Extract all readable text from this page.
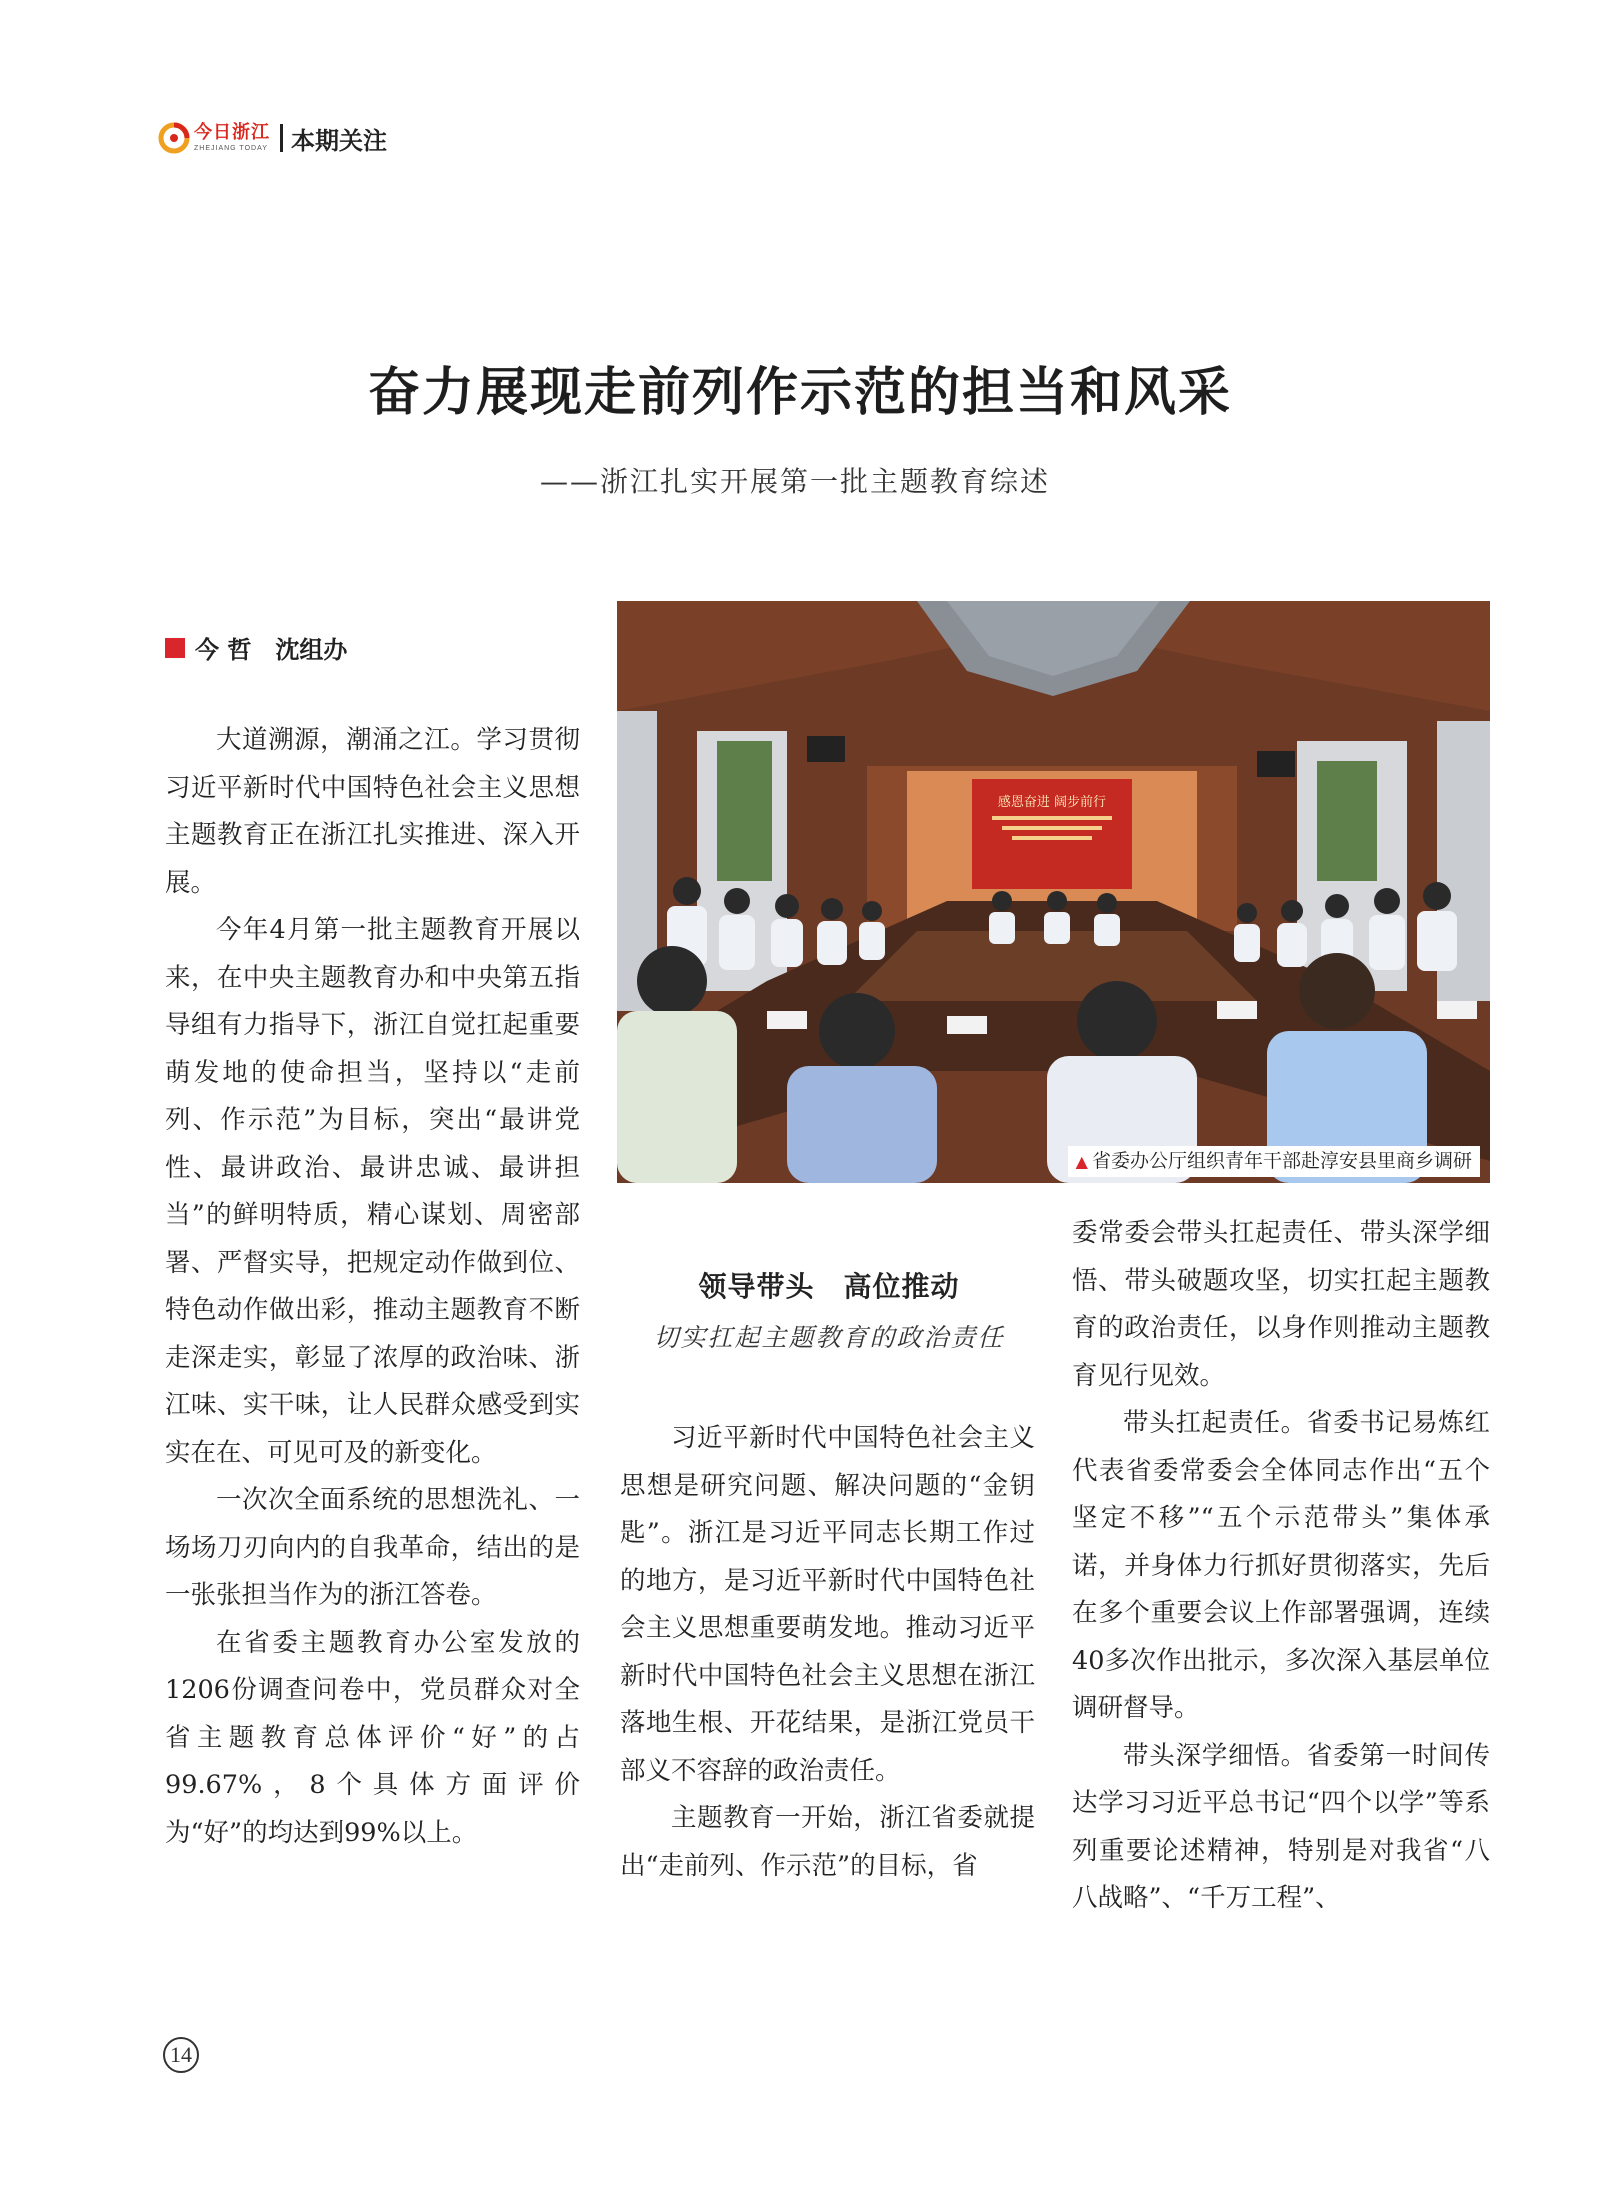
今日浙江
ZHEJIANG TODAY 本期关注
奋力展现走前列作示范的担当和风采
——浙江扎实开展第一批主题教育综述
今 哲　沈组办

大道溯源，潮涌之江。学习贯彻习近平新时代中国特色社会主义思想主题教育正在浙江扎实推进、深入开展。

今年4月第一批主题教育开展以来，在中央主题教育办和中央第五指导组有力指导下，浙江自觉扛起重要萌发地的使命担当，坚持以“走前列、作示范”为目标，突出“最讲党性、最讲政治、最讲忠诚、最讲担当”的鲜明特质，精心谋划、周密部署、严督实导，把规定动作做到位、特色动作做出彩，推动主题教育不断走深走实，彰显了浓厚的政治味、浙江味、实干味，让人民群众感受到实实在在、可见可及的新变化。

一次次全面系统的思想洗礼、一场场刀刃向内的自我革命，结出的是一张张担当作为的浙江答卷。

在省委主题教育办公室发放的1206份调查问卷中，党员群众对全省主题教育总体评价“好”的占99.67%，8个具体方面评价为“好”的均达到99%以上。

感恩奋进 阔步前行
▲ 省委办公厅组织青年干部赴淳安县里商乡调研
领导带头　高位推动
切实扛起主题教育的政治责任

习近平新时代中国特色社会主义思想是研究问题、解决问题的“金钥匙”。浙江是习近平同志长期工作过的地方，是习近平新时代中国特色社会主义思想重要萌发地。推动习近平新时代中国特色社会主义思想在浙江落地生根、开花结果，是浙江党员干部义不容辞的政治责任。

主题教育一开始，浙江省委就提出“走前列、作示范”的目标，省

委常委会带头扛起责任、带头深学细悟、带头破题攻坚，切实扛起主题教育的政治责任，以身作则推动主题教育见行见效。

带头扛起责任。省委书记易炼红代表省委常委会全体同志作出“五个坚定不移”“五个示范带头”集体承诺，并身体力行抓好贯彻落实，先后在多个重要会议上作部署强调，连续40多次作出批示，多次深入基层单位调研督导。

带头深学细悟。省委第一时间传达学习习近平总书记“四个以学”等系列重要论述精神，特别是对我省“八八战略”、“千万工程”、

14
